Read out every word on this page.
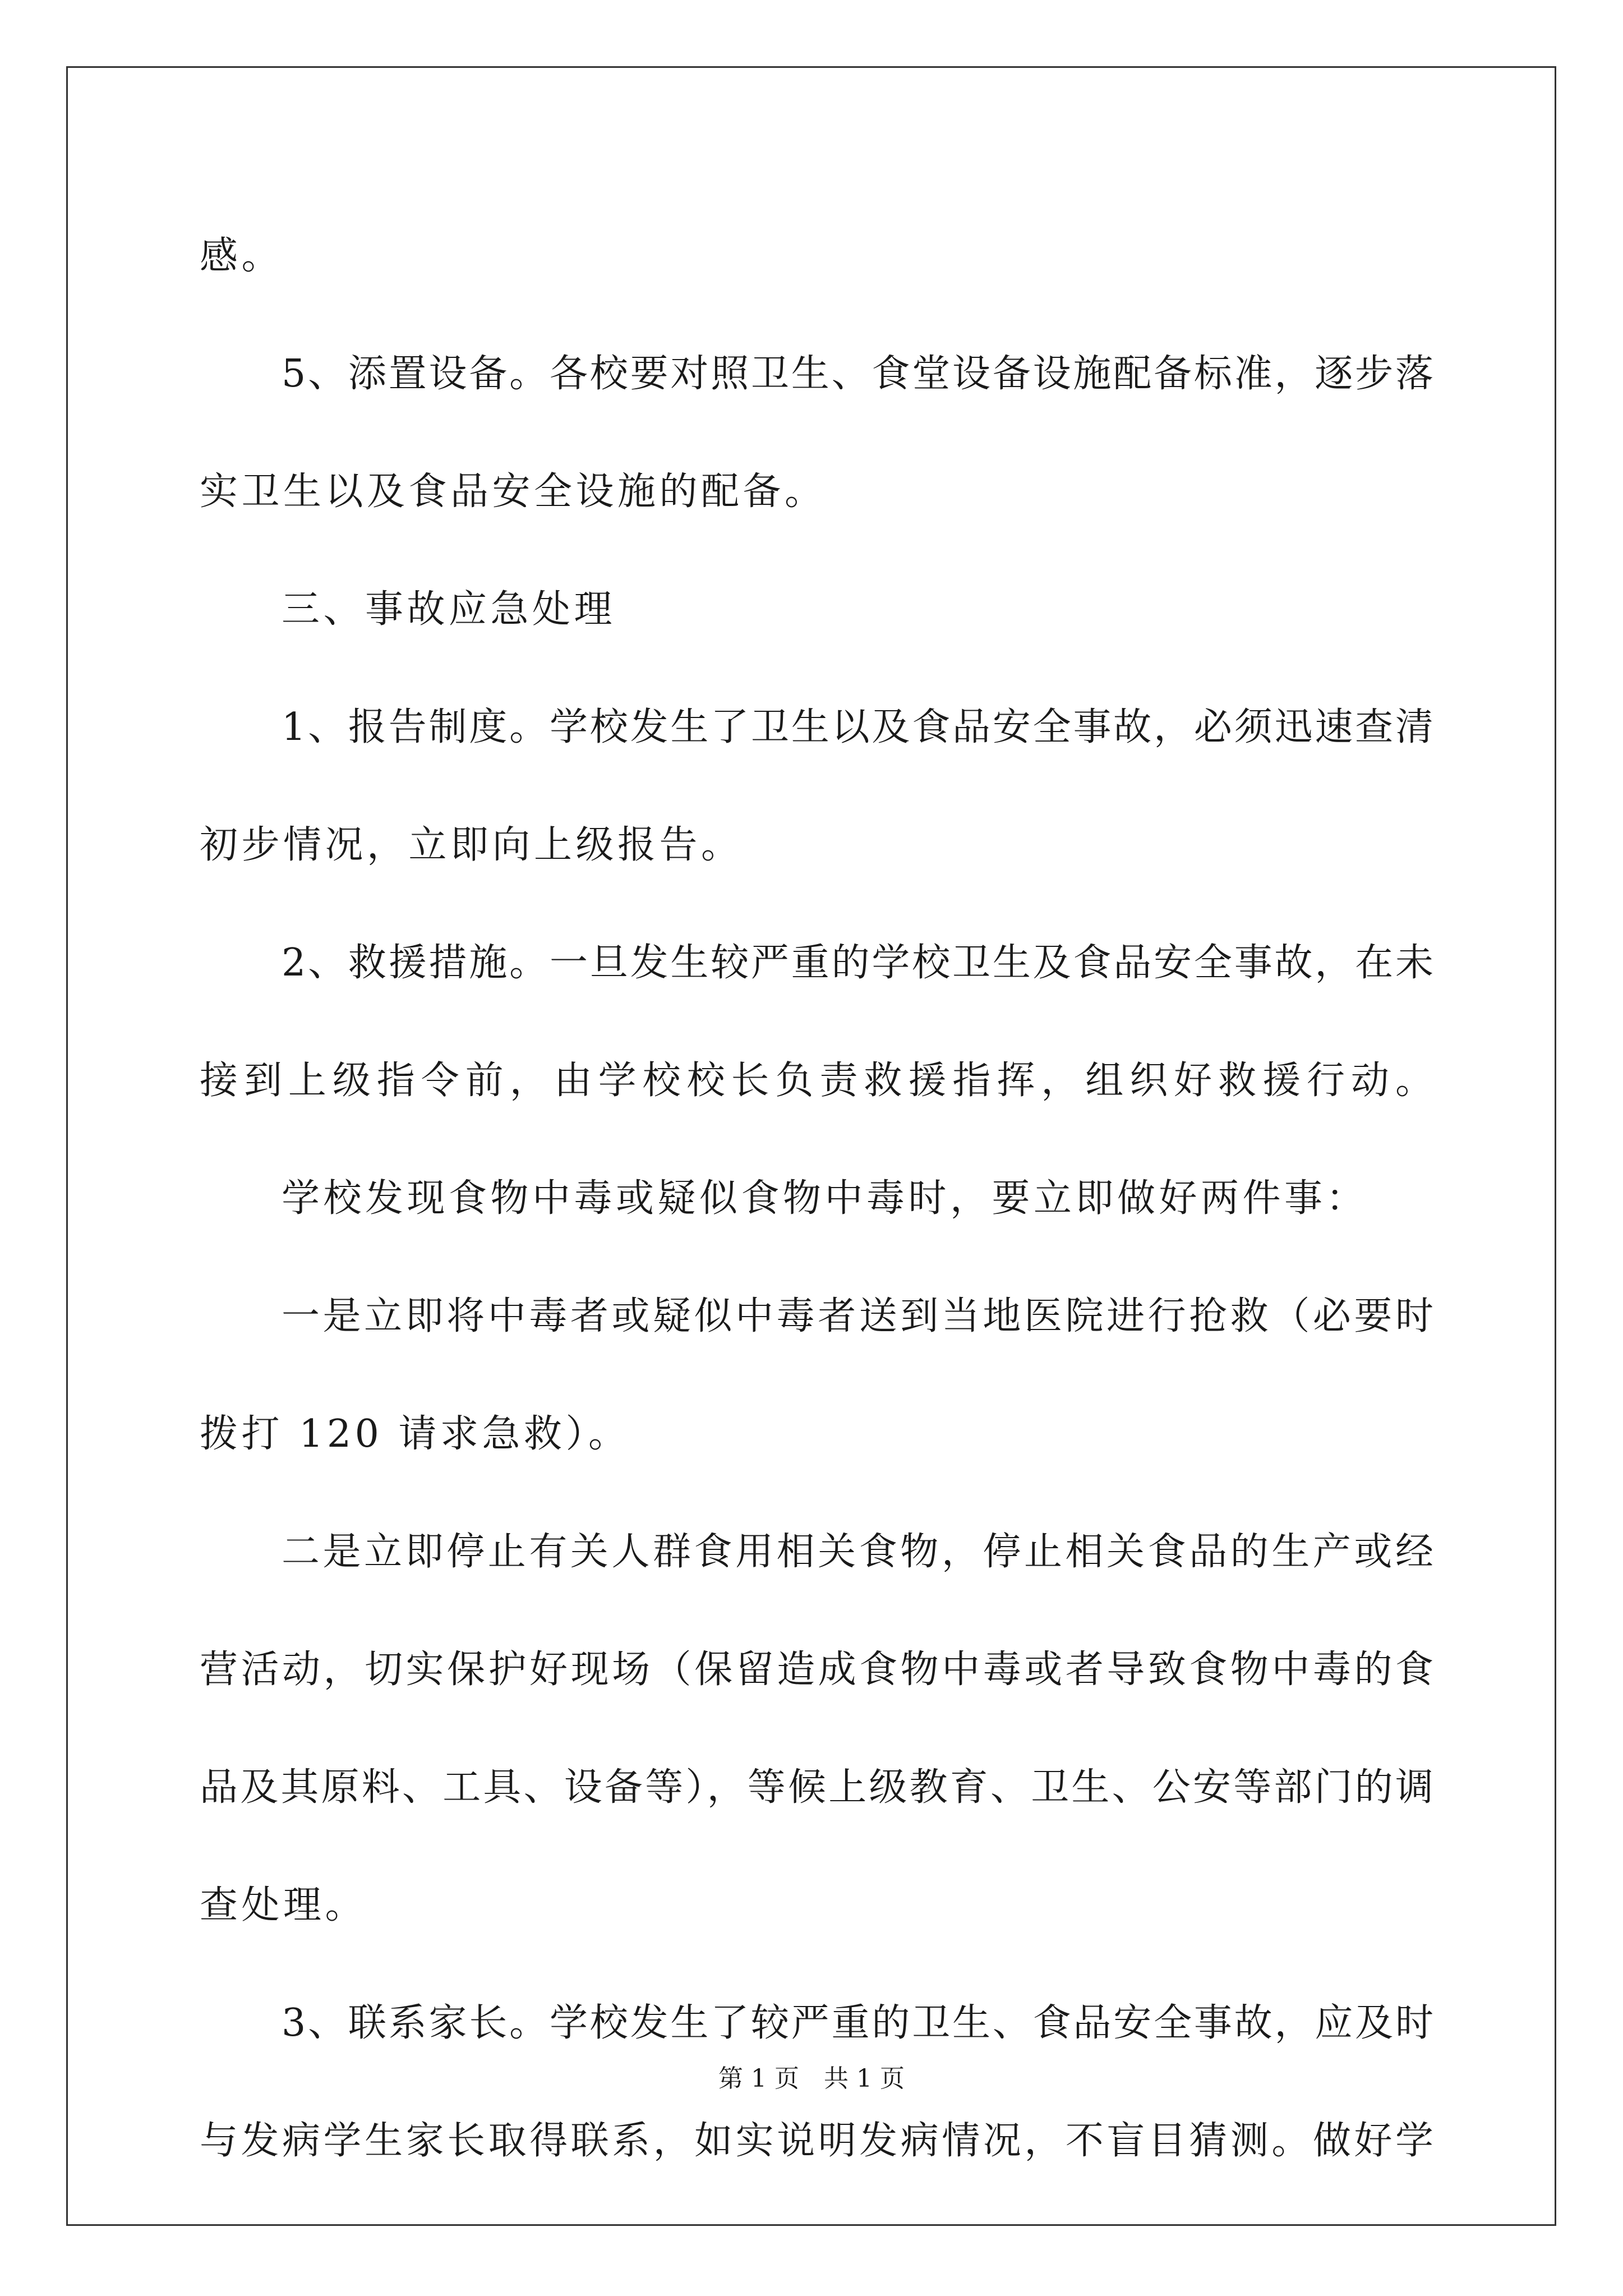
感。
5、添置设备。各校要对照卫生、食堂设备设施配备标准，逐步落
实卫生以及食品安全设施的配备。
三、事故应急处理
1、报告制度。学校发生了卫生以及食品安全事故，必须迅速查清
初步情况，立即向上级报告。
2、救援措施。一旦发生较严重的学校卫生及食品安全事故，在未
接到上级指令前，由学校校长负责救援指挥，组织好救援行动。
学校发现食物中毒或疑似食物中毒时，要立即做好两件事：
一是立即将中毒者或疑似中毒者送到当地医院进行抢救（必要时
拨打 120 请求急救）。
二是立即停止有关人群食用相关食物，停止相关食品的生产或经
营活动，切实保护好现场（保留造成食物中毒或者导致食物中毒的食
品及其原料、工具、设备等），等候上级教育、卫生、公安等部门的调
查处理。
3、联系家长。学校发生了较严重的卫生、食品安全事故，应及时
与发病学生家长取得联系，如实说明发病情况，不盲目猜测。做好学
第 1 页 共 1 页
